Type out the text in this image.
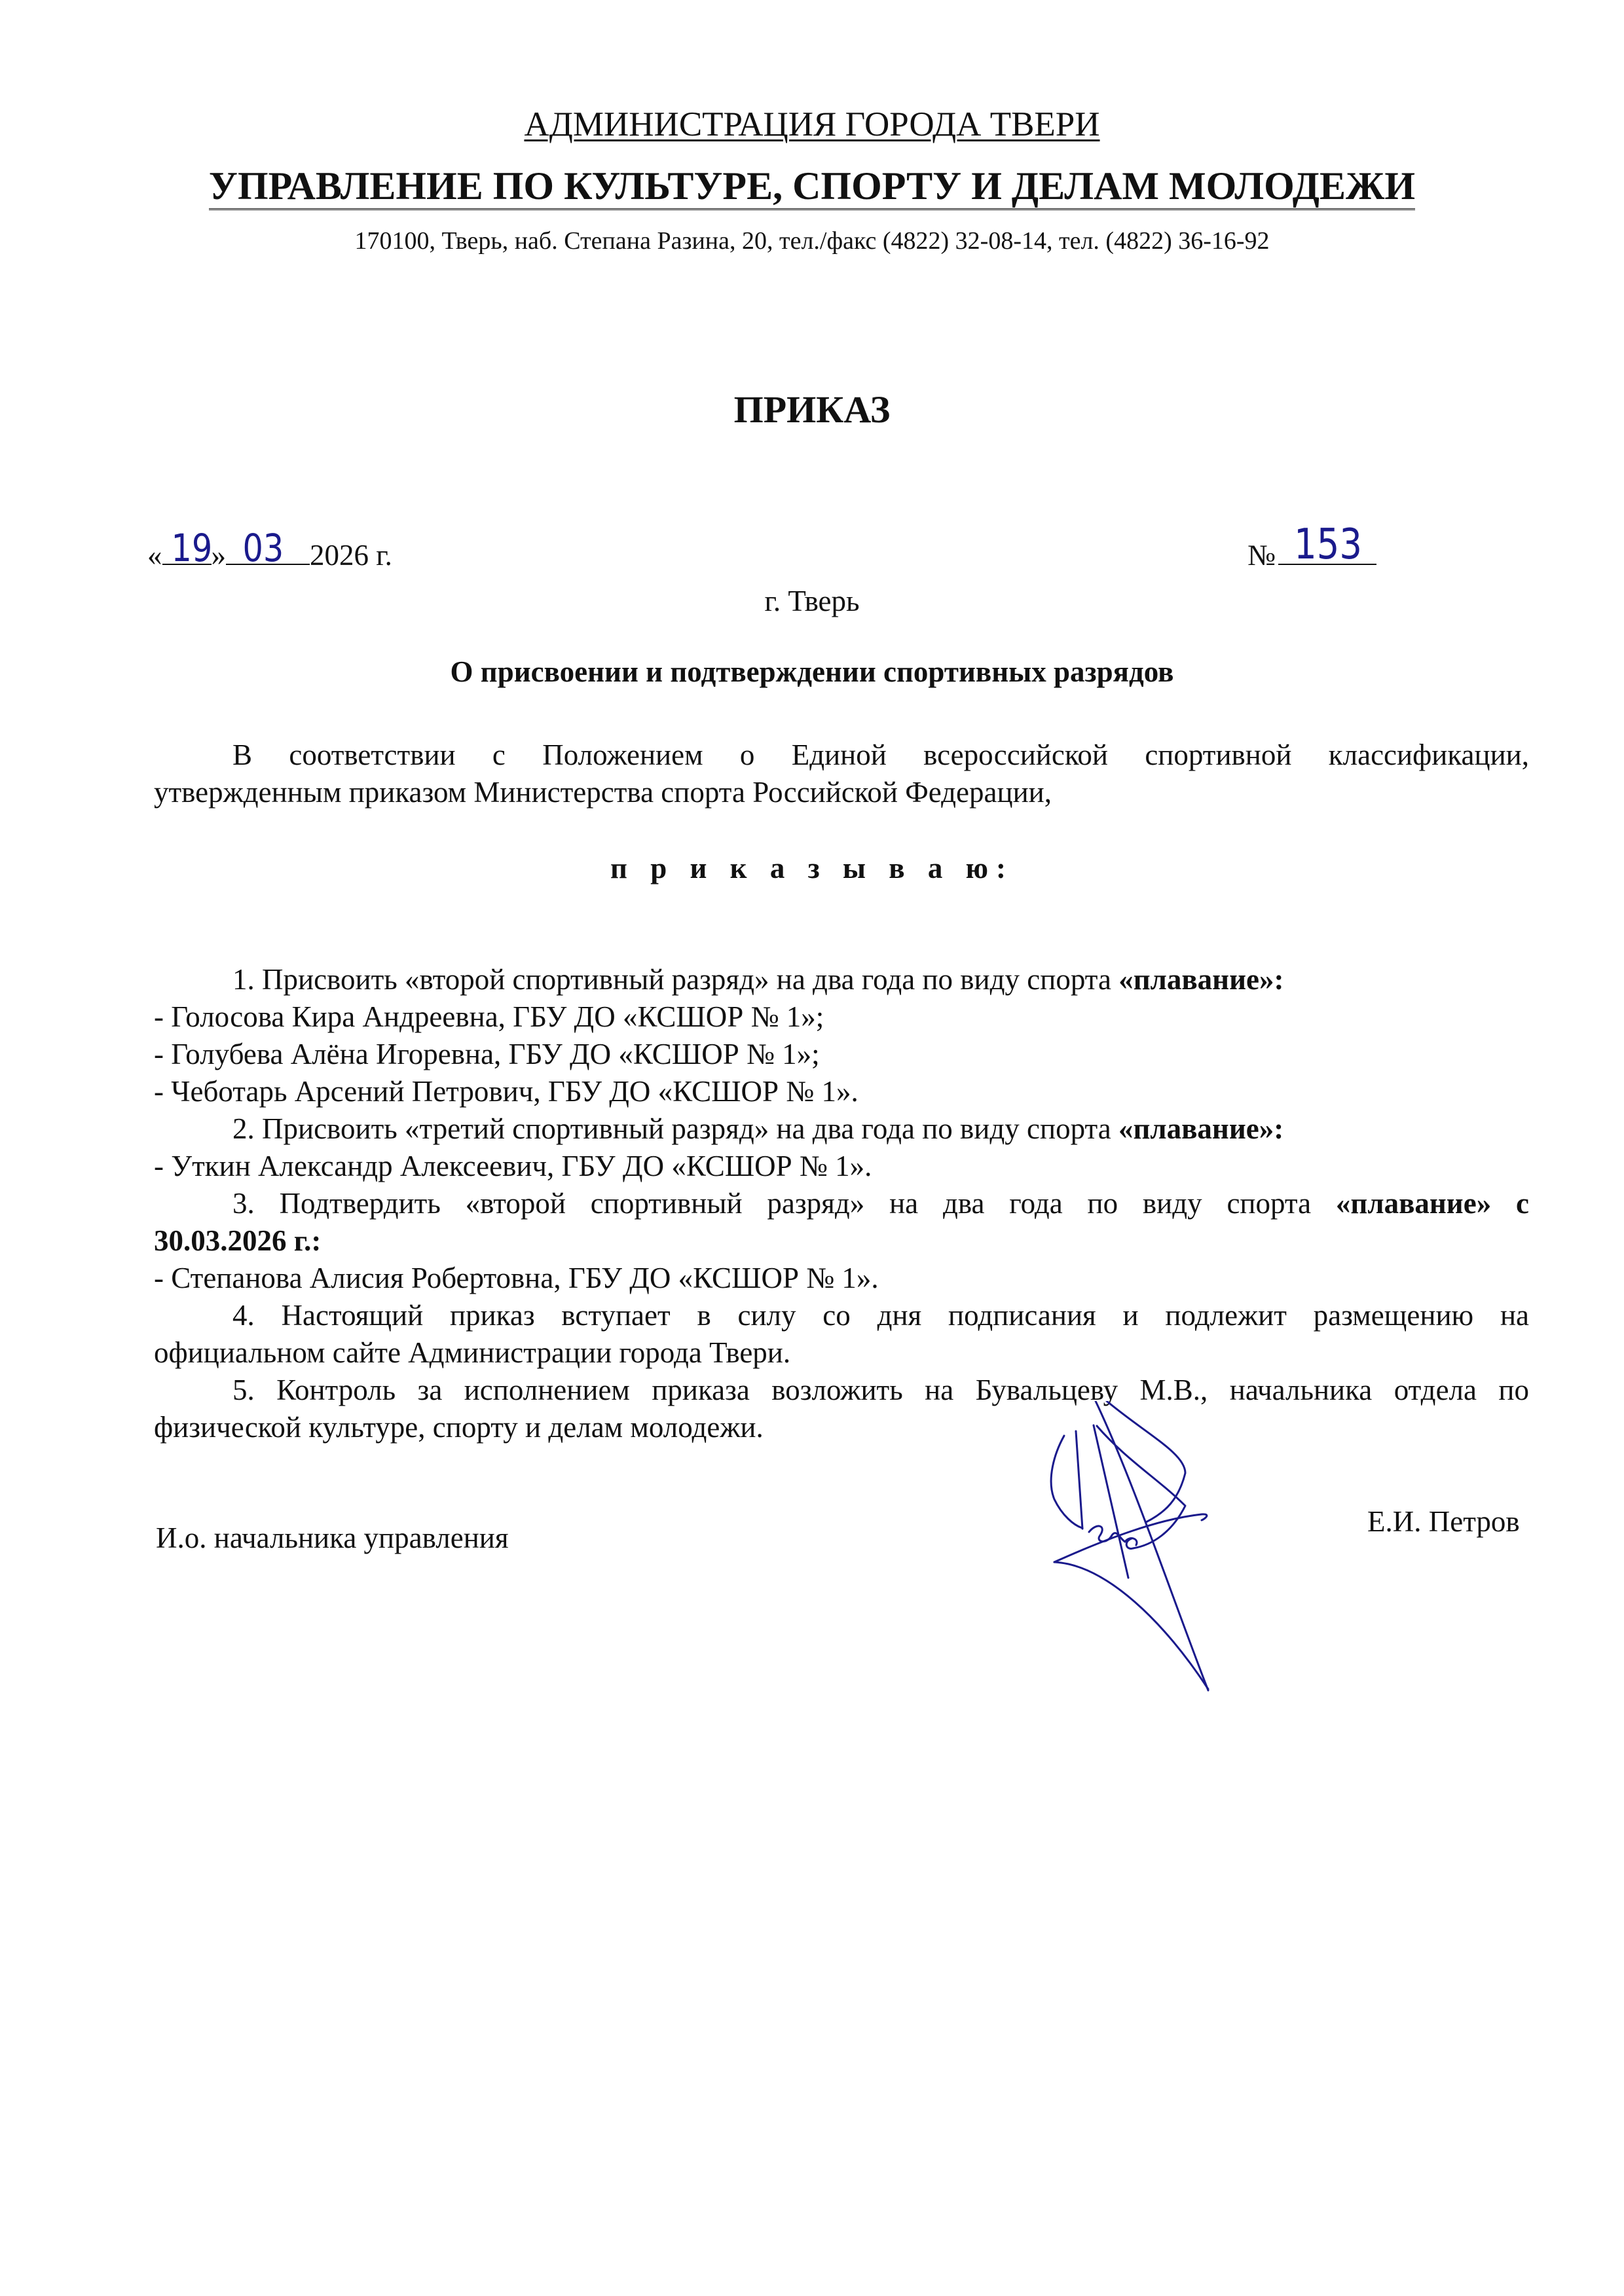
АДМИНИСТРАЦИЯ ГОРОДА ТВЕРИ
УПРАВЛЕНИЕ ПО КУЛЬТУРЕ, СПОРТУ И ДЕЛАМ МОЛОДЕЖИ
170100, Тверь, наб. Степана Разина, 20, тел./факс (4822) 32-08-14, тел. (4822) 36-16-92
ПРИКАЗ
« 19
» 03 2026 г.	№ 153
г. Тверь
О присвоении и подтверждении спортивных разрядов
В соответствии с Положением о Единой всероссийской спортивной классификации,
утвержденным приказом Министерства спорта Российской Федерации,
п р и к а з ы в а ю:
1. Присвоить «второй спортивный разряд» на два года по виду спорта «плавание»:
- Голосова Кира Андреевна, ГБУ ДО «КСШОР № 1»;
- Голубева Алёна Игоревна, ГБУ ДО «КСШОР № 1»;
- Чеботарь Арсений Петрович, ГБУ ДО «КСШОР № 1».
2. Присвоить «третий спортивный разряд» на два года по виду спорта «плавание»:
- Уткин Александр Алексеевич, ГБУ ДО «КСШОР № 1».
3. Подтвердить «второй спортивный разряд» на два года по виду спорта «плавание» с
30.03.2026 г.:
- Степанова Алисия Робертовна, ГБУ ДО «КСШОР № 1».
4. Настоящий приказ вступает в силу со дня подписания и подлежит размещению на
официальном сайте Администрации города Твери.
5. Контроль за исполнением приказа возложить на Бувальцеву М.В., начальника отдела по
физической культуре, спорту и делам молодежи.
И.о. начальника управления	Е.И. Петров
